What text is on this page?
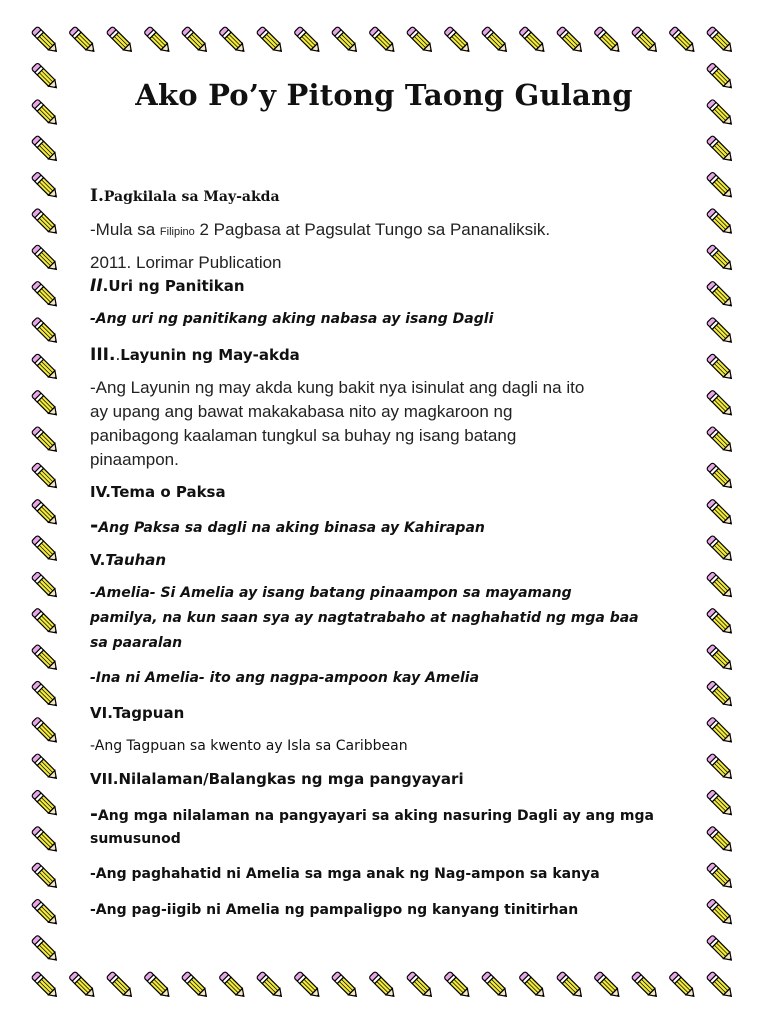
Ako Po’y Pitong Taong Gulang

I.Pagkilala sa May-akda

-Mula sa Filipino 2 Pagbasa at Pagsulat Tungo sa Pananaliksik.

2011. Lorimar Publication

II.Uri ng Panitikan

-Ang uri ng panitikang aking nabasa ay isang Dagli

III..Layunin ng May-akda

-Ang Layunin ng may akda kung bakit nya isinulat ang dagli na ito

ay upang ang bawat makakabasa nito ay magkaroon ng

panibagong kaalaman tungkul sa buhay ng isang batang

pinaampon.

IV.Tema o Paksa

-Ang Paksa sa dagli na aking binasa ay Kahirapan

V.Tauhan

-Amelia- Si Amelia ay isang batang pinaampon sa mayamang

pamilya, na kun saan sya ay nagtatrabaho at naghahatid ng mga baa

sa paaralan

-Ina ni Amelia- ito ang nagpa-ampoon kay Amelia

VI.Tagpuan

-Ang Tagpuan sa kwento ay Isla sa Caribbean

VII.Nilalaman/Balangkas ng mga pangyayari

-Ang mga nilalaman na pangyayari sa aking nasuring Dagli ay ang mga

sumusunod

-Ang paghahatid ni Amelia sa mga anak ng Nag-ampon sa kanya

-Ang pag-iigib ni Amelia ng pampaligpo ng kanyang tinitirhan
